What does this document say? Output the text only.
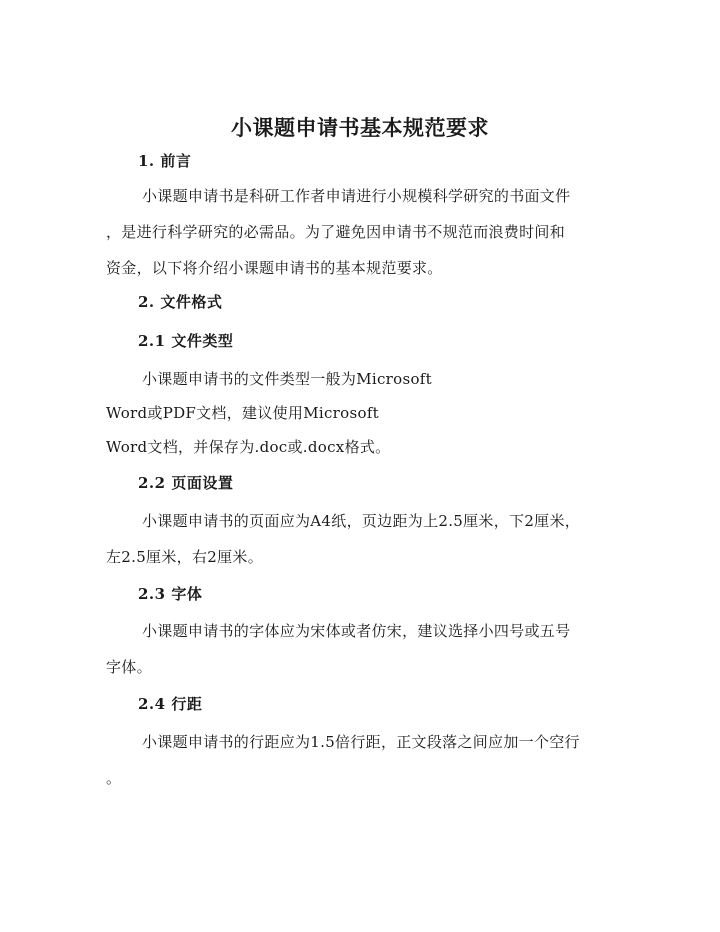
小课题申请书基本规范要求
1. 前言
小课题申请书是科研工作者申请进行小规模科学研究的书面文件
，是进行科学研究的必需品。为了避免因申请书不规范而浪费时间和
资金，以下将介绍小课题申请书的基本规范要求。
2. 文件格式
2.1 文件类型
小课题申请书的文件类型一般为Microsoft
Word或PDF文档，建议使用Microsoft
Word文档，并保存为.doc或.docx格式。
2.2 页面设置
小课题申请书的页面应为A4纸，页边距为上2.5厘米，下2厘米，
左2.5厘米，右2厘米。
2.3 字体
小课题申请书的字体应为宋体或者仿宋，建议选择小四号或五号
字体。
2.4 行距
小课题申请书的行距应为1.5倍行距，正文段落之间应加一个空行
。
